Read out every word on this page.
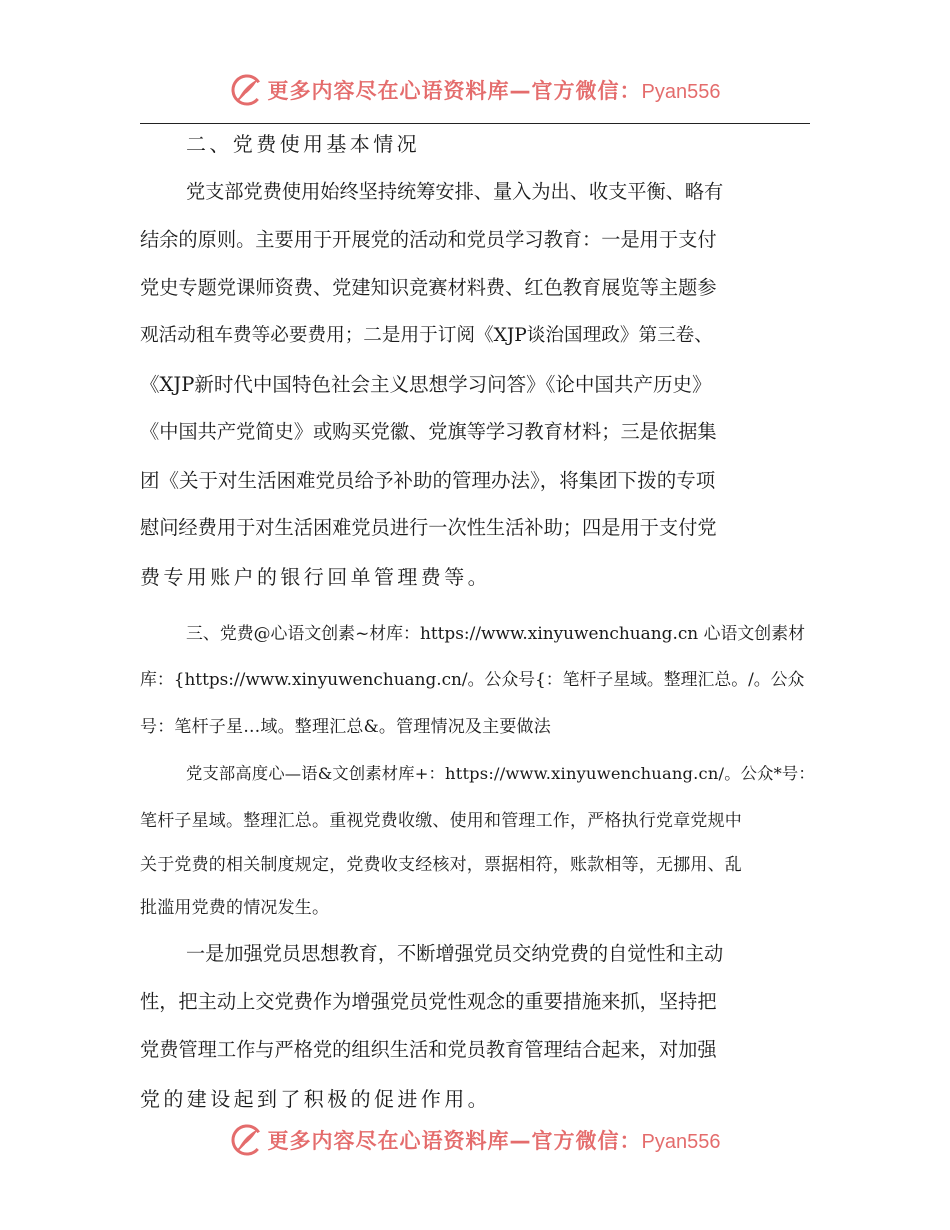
更多内容尽在心语资料库—官方微信：Pyan556
二、党费使用基本情况
党支部党费使用始终坚持统筹安排、量入为出、收支平衡、略有
结余的原则。主要用于开展党的活动和党员学习教育：一是用于支付
党史专题党课师资费、党建知识竞赛材料费、红色教育展览等主题参
观活动租车费等必要费用；二是用于订阅《XJP谈治国理政》第三卷、
《XJP新时代中国特色社会主义思想学习问答》《论中国共产历史》
《中国共产党简史》或购买党徽、党旗等学习教育材料；三是依据集
团《关于对生活困难党员给予补助的管理办法》，将集团下拨的专项
慰问经费用于对生活困难党员进行一次性生活补助；四是用于支付党
费专用账户的银行回单管理费等。
三、党费@心语文创素~材库：https://www.xinyuwenchuang.cn 心语文创素材
库：{https://www.xinyuwenchuang.cn/。公众号{：笔杆子星域。整理汇总。/。公众
号：笔杆子星…域。整理汇总&。管理情况及主要做法
党支部高度心—语&文创素材库+：https://www.xinyuwenchuang.cn/。公众*号：
笔杆子星域。整理汇总。重视党费收缴、使用和管理工作，严格执行党章党规中
关于党费的相关制度规定，党费收支经核对，票据相符，账款相等，无挪用、乱
批滥用党费的情况发生。
一是加强党员思想教育，不断增强党员交纳党费的自觉性和主动
性，把主动上交党费作为增强党员党性观念的重要措施来抓，坚持把
党费管理工作与严格党的组织生活和党员教育管理结合起来，对加强
党的建设起到了积极的促进作用。
更多内容尽在心语资料库—官方微信：Pyan556
